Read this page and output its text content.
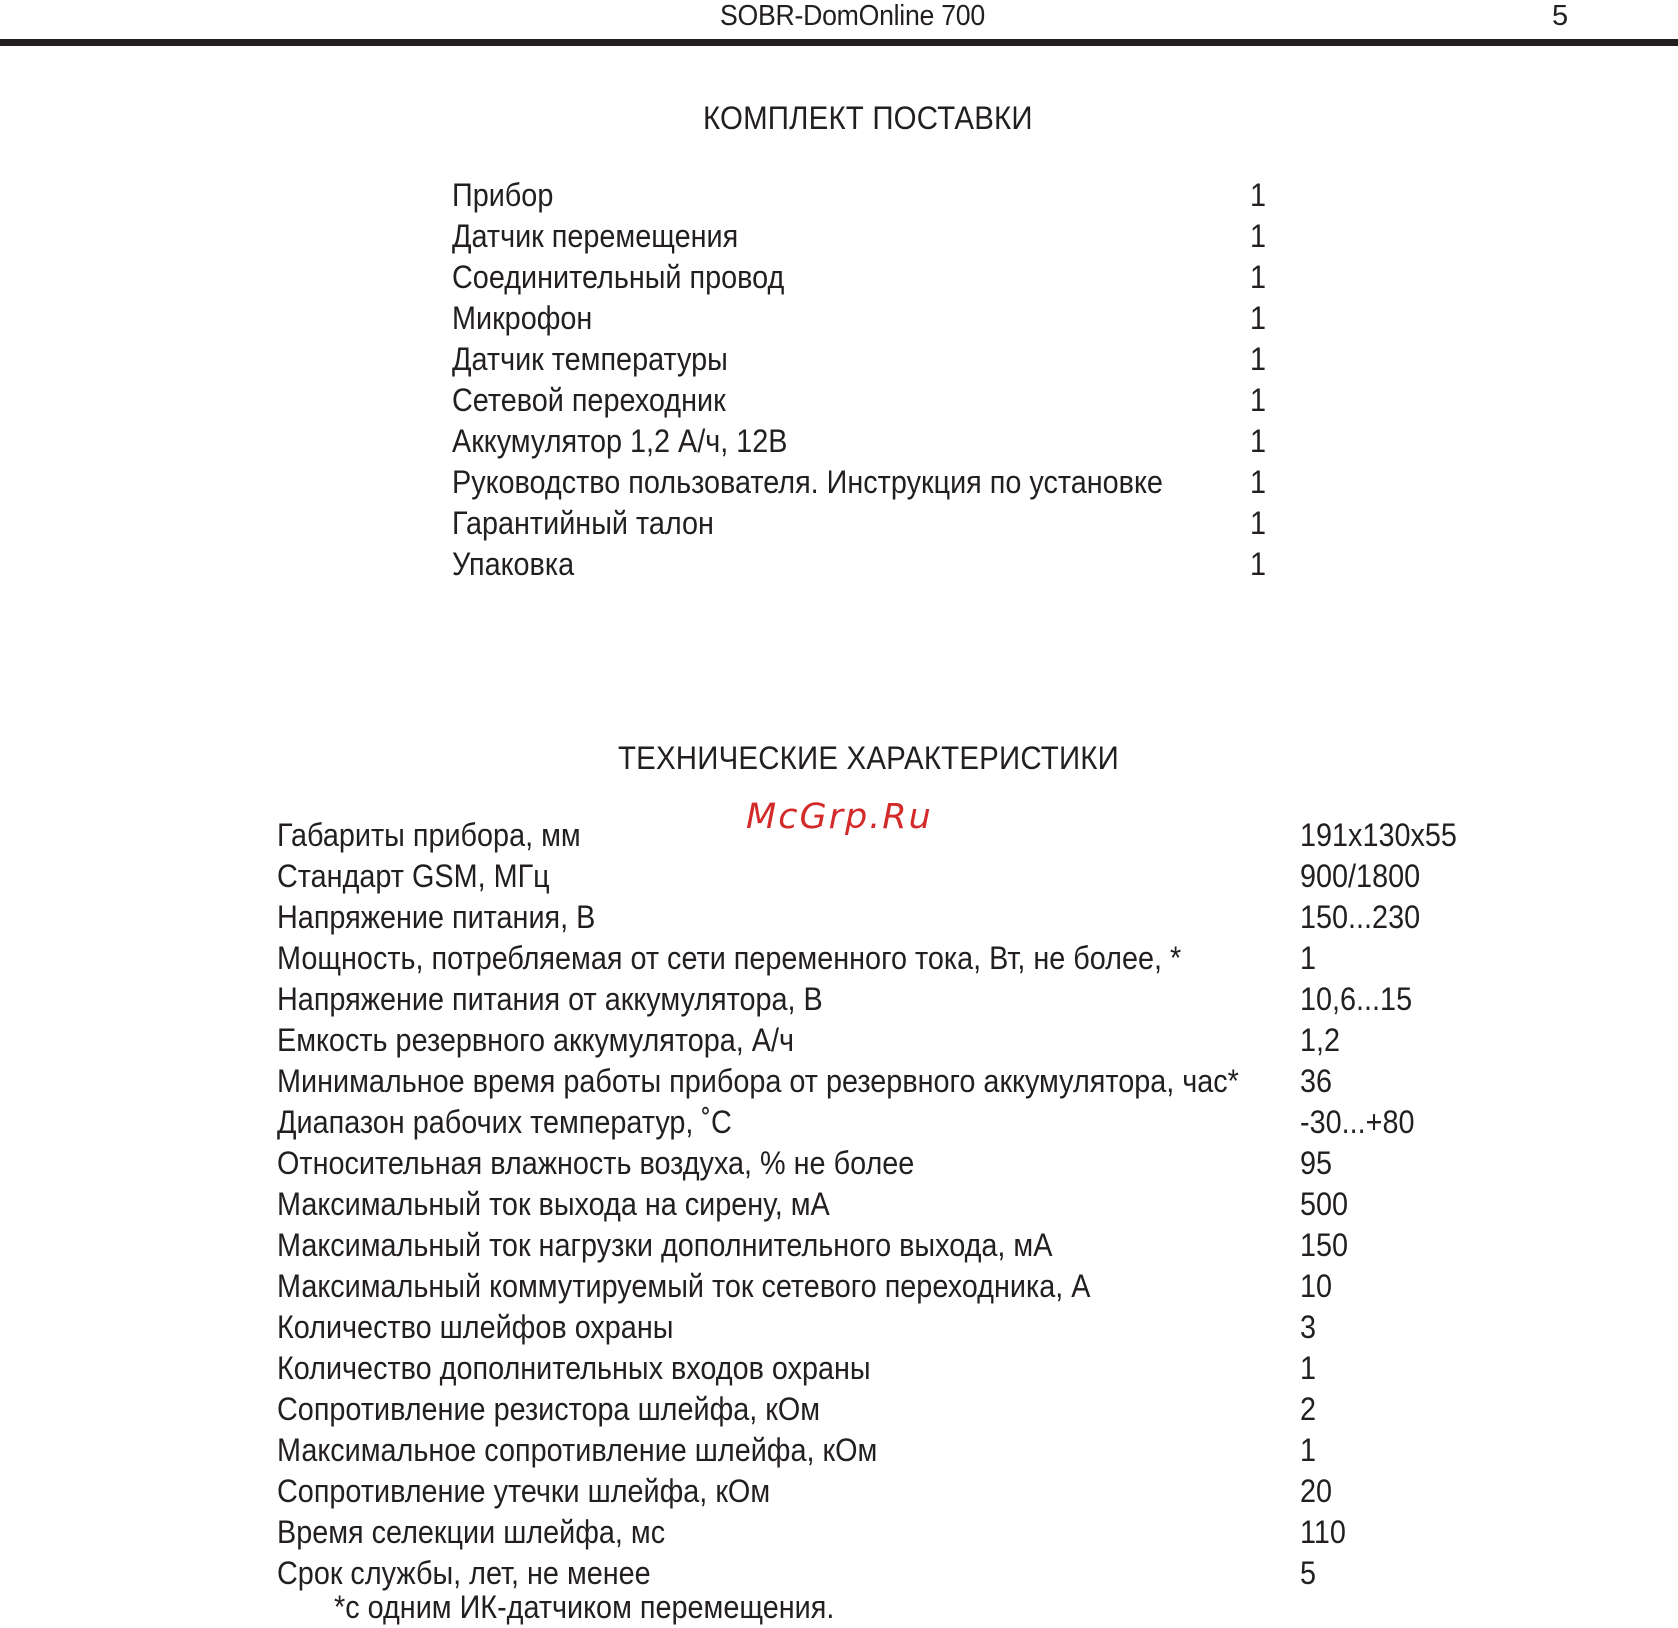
SOBR-DomOnline 700	5
КОМПЛЕКТ ПОСТАВКИ
Прибор	1
Датчик перемещения	1
Соединительный провод	1
Микрофон	1
Датчик температуры	1
Сетевой переходник	1
Аккумулятор 1,2 А/ч, 12В	1
Руководство пользователя. Инструкция по установке	1
Гарантийный талон	1
Упаковка	1
ТЕХНИЧЕСКИЕ ХАРАКТЕРИСТИКИ
McGrp.Ru
Габариты прибора, мм	191x130x55
Стандарт GSM, МГц	900/1800
Напряжение питания, В	150...230
Мощность, потребляемая от сети переменного тока, Вт, не более, *	1
Напряжение питания от аккумулятора, В	10,6...15
Емкость резервного аккумулятора, А/ч	1,2
Минимальное время работы прибора от резервного аккумулятора, час* 36
Диапазон рабочих температур, ˚С	-30...+80
Относительная влажность воздуха, % не более	95
Максимальный ток выхода на сирену, мА	500
Максимальный ток нагрузки дополнительного выхода, мА	150
Максимальный коммутируемый ток сетевого переходника, А	10
Количество шлейфов охраны	3
Количество дополнительных входов охраны	1
Сопротивление резистора шлейфа, кОм	2
Максимальное сопротивление шлейфа, кОм	1
Сопротивление утечки шлейфа, кОм	20
Время селекции шлейфа, мс	110
Срок службы, лет, не менее	5
*с одним ИК-датчиком перемещения.
